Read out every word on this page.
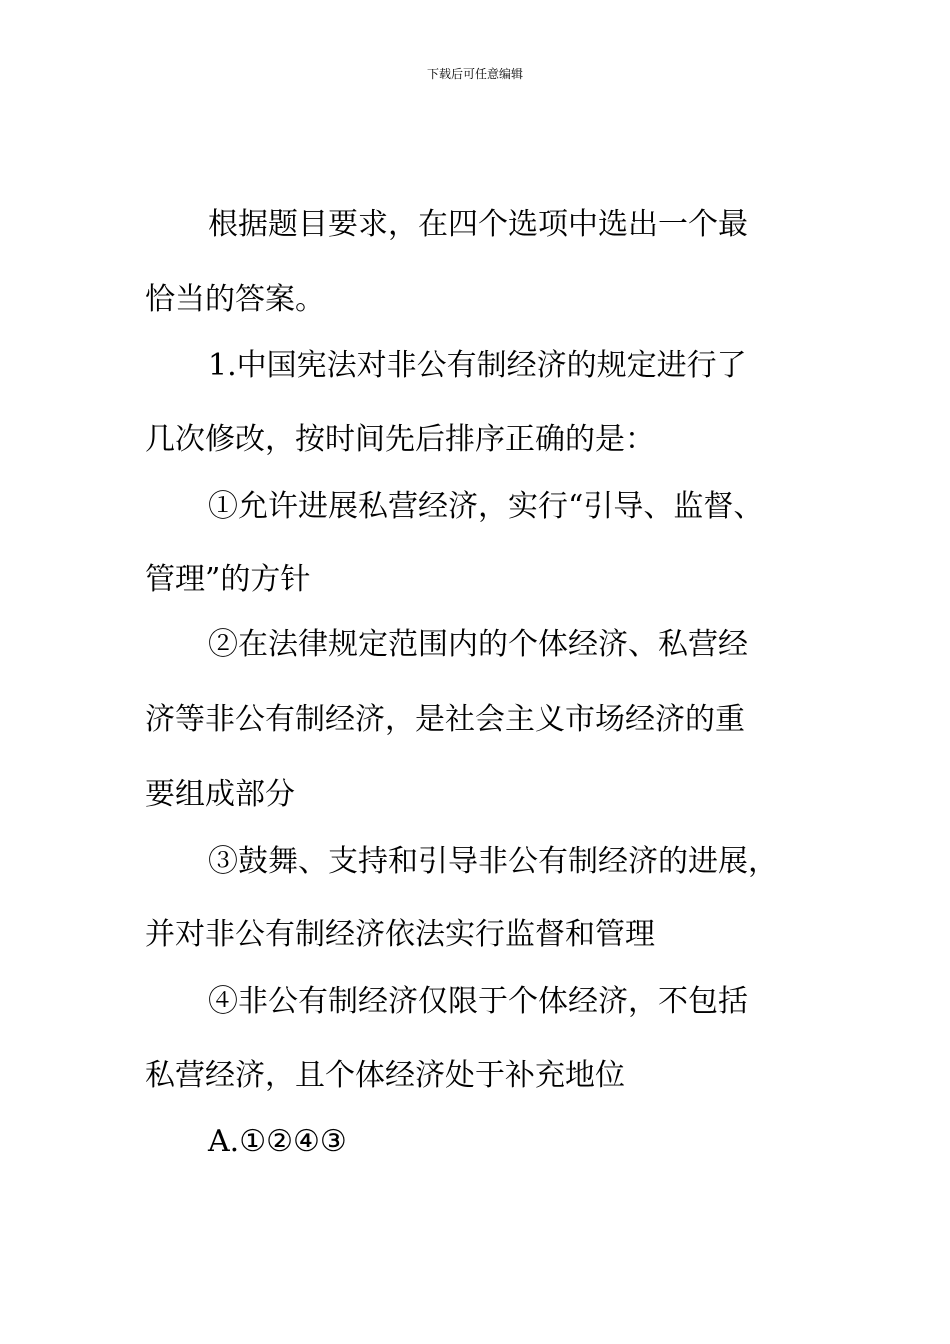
下载后可任意编辑
根据题目要求，在四个选项中选出一个最
恰当的答案。
1.中国宪法对非公有制经济的规定进行了
几次修改，按时间先后排序正确的是：
①允许进展私营经济，实行“引导、监督、
管理”的方针
②在法律规定范围内的个体经济、私营经
济等非公有制经济，是社会主义市场经济的重
要组成部分
③鼓舞、支持和引导非公有制经济的进展，
并对非公有制经济依法实行监督和管理
④非公有制经济仅限于个体经济，不包括
私营经济，且个体经济处于补充地位
A.①②④③
